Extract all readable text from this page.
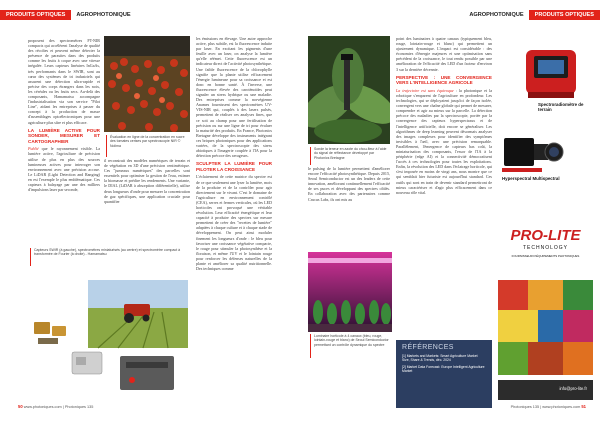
PRODUITS OPTIQUES AGROPHOTONIQUE

proposent des spectromètres FT-NIR compacts qui accélèrent l'analyse de qualité des récoltes et peuvent même détecter la présence de parasites dans des produits comme les fruits à coque avec une vitesse inégalée. Leurs capteurs linéaires InGaAs, très performants dans le SWIR, sont au cœur des systèmes de tri industriels qui assurent une détection ultra-rapide et précise des corps étrangers dans les noix, les céréales ou les fruits secs. Au-delà des composants, Hamamatsu accompagne l'industrialisation via son service "Pilot Line", aidant les entreprises à passer du concept à la production de masse d'assemblages optoélectroniques pour une agriculture plus sûre et plus efficace.

LA LUMIÈRE ACTIVE POUR SONDER, MESURER ET CARTOGRAPHIER

Publié que le rayonnement visible. La lumière active, l'agriculture de précision utilise de plus en plus des sources lumineuses actives pour interroger son environnement avec une précision accrue. Le LiDAR (Light Detection and Ranging) en est l'exemple le plus emblématique. Ces capteurs à balayage par une des milliers d'impulsions laser par seconde,

Évaluation en ligne de la concentration en sucre des tomates cerises par spectroscopie NIR © Nolima

il reconstruit des modèles numériques de terrain et de végétation en 3D d'une précision centimétrique. Ces "jumeaux numériques" des parcelles sont essentiels pour optimiser la gestion de l'eau, estimer la biomasse et prédire les rendements. Une variante, le DIAL (LiDAR à absorption différentielle), utilise deux longueurs d'onde pour mesurer la concentration de gaz spécifiques, une application cruciale pour quantifier

les émissions en élevage. Une autre approche active, plus subtile, est la fluorescence induite par laser. En excitant les pigments d'une feuille avec un laser, on analyse la lumière qu'elle réémet. Cette fluorescence est un indicateur direct de l'activité photosynthétique. Une faible fluorescence de la chlorophylle signifie que la plante utilise efficacement l'énergie lumineuse pour sa croissance et est donc en bonne santé. À l'inverse, une fluorescence élevée des caroténoïdes peut signaler un stress hydrique ou une maladie. Des entreprises comme la norvégienne Anames fournissent des spectromètres UV-VIS-NIR qui, couplés à des lasers pulsés, permettent de réaliser ces analyses fines, que ce soit au champ pour une fertilisation de précision ou sur une ligne de tri pour évaluer la maturité des produits. En France, Photonics Bretagne développe des instruments intégrant ces briques photoniques pour des applications variées, de la spectroscopie des stress abiotiques à l'imagerie couplée à l'IA pour la détection précoce des ravageurs.

SCULPTER LA LUMIÈRE POUR PILOTER LA CROISSANCE

L'éclairement de cette matrice du spectre est de ce que seulement une lyser la lumière, mois de la produire et de la contrôler pour agir directement sur le vivant. C'est le domaine de l'agriculture en environnement contrôlé (CEA), serres et fermes verticales, où les LED horticoles ont provoqué une véritable révolution. Leur efficacité énergétique et leur capacité à produire des spectres sur mesure permettent de créer des "recettes de lumière" adaptées à chaque culture et à chaque stade de développement. On peut ainsi moduler finement les longueurs d'onde : le bleu pour favoriser une croissance végétative compacte, le rouge pour stimuler la photosynthèse et la floraison, et même l'UV et le lointain rouge pour renforcer les défenses naturelles de la plante et améliorer sa qualité nutritionnelle. Des techniques comme

Capteurs SWIR (à gauche), spectromètres miniaturisés (au centre) et spectromètre compact à transformée de Fourier (à droite) - Hamamatsu
50 www.photoniques.com | Photoniques 135
AGROPHOTONIQUE PRODUITS OPTIQUES
Sonde la teneur en azote du chou-fleur à l'aide du signal de réflectance développé par Photonics Bretagne

le pulsing de la lumière permettent d'améliorer encore l'efficacité photosynthétique. Depuis 2015, Seoul Semiconductor est un des leaders de cette innovation, améliorant continuellement l'efficacité de ses puces et développant des spectres ciblés. En collaboration avec des partenaires comme Crucus Labs, ils ont mis au

Luminaire horticole à 4 canaux (bleu, rouge, lointain-rouge et blanc) de Seoul Semiconductor permettant un contrôle dynamique du spectre

point des luminaires à quatre canaux (typiquement bleu, rouge, lointain-rouge et blanc) qui permettent un ajustement dynamique. L'impact est considérable : des économies d'énergie majeures et une optimisation sans précédent de la croissance, le tout rendu possible par une amélioration de l'efficacité des LED d'un facteur d'environ 3 sur la dernière décennie.

PERSPECTIVE : UNE CONVERGENCE VERS L'INTELLIGENCE AGRICOLE

La trajectoire est sans équivoque : la photonique et la robotique s'emparent de l'agriculture en profondeur. Les technologies, qui se déployaient jusqu'ici de façon isolée, convergent vers une chaîne globale qui permet de mesurer, comprendre et agir au mieux sur la parcelle. La détection précoce des maladies par la spectroscopie, portée par la convergence des capteurs hyperspectraux et de l'intelligence artificielle, doit encore se généraliser. Les algorithmes de deep learning peuvent désormais analyser des images complexes pour identifier des symptômes invisibles à l'œil, avec une précision remarquable. Parallèlement, l'émergence de capteurs bas coût, la miniaturisation des composants, l'essor de l'IA à la périphérie (edge AI) et la connectivité démocratisent l'accès à ces technologies pour toutes les exploitations. Enfin, la révolution des LED dans l'éclairage horticole, qui s'est imposée en moins de vingt ans, nous montre que ce qui semblait hier futuriste est aujourd'hui standard. Ces outils qui sont en train de devenir standard permettront de mieux caractériser et d'agir plus efficacement dans ce nouveau rôle vital.

RÉFÉRENCES
[1] Markets and Markets: Smart Agriculture Market Size, Share & Trends, déc. 2024
[2] Market Data Forecast: Europe Intelligent Agriculture Market
Spectroradiomètre de terrain
Hyperspectral Multispectral
PRO-LITE
TECHNOLOGY
FOURNISSEUR D'ÉQUIPEMENTS PHOTONIQUES
info@pro-lite.fr
Photoniques 135 | www.photoniques.com 51
